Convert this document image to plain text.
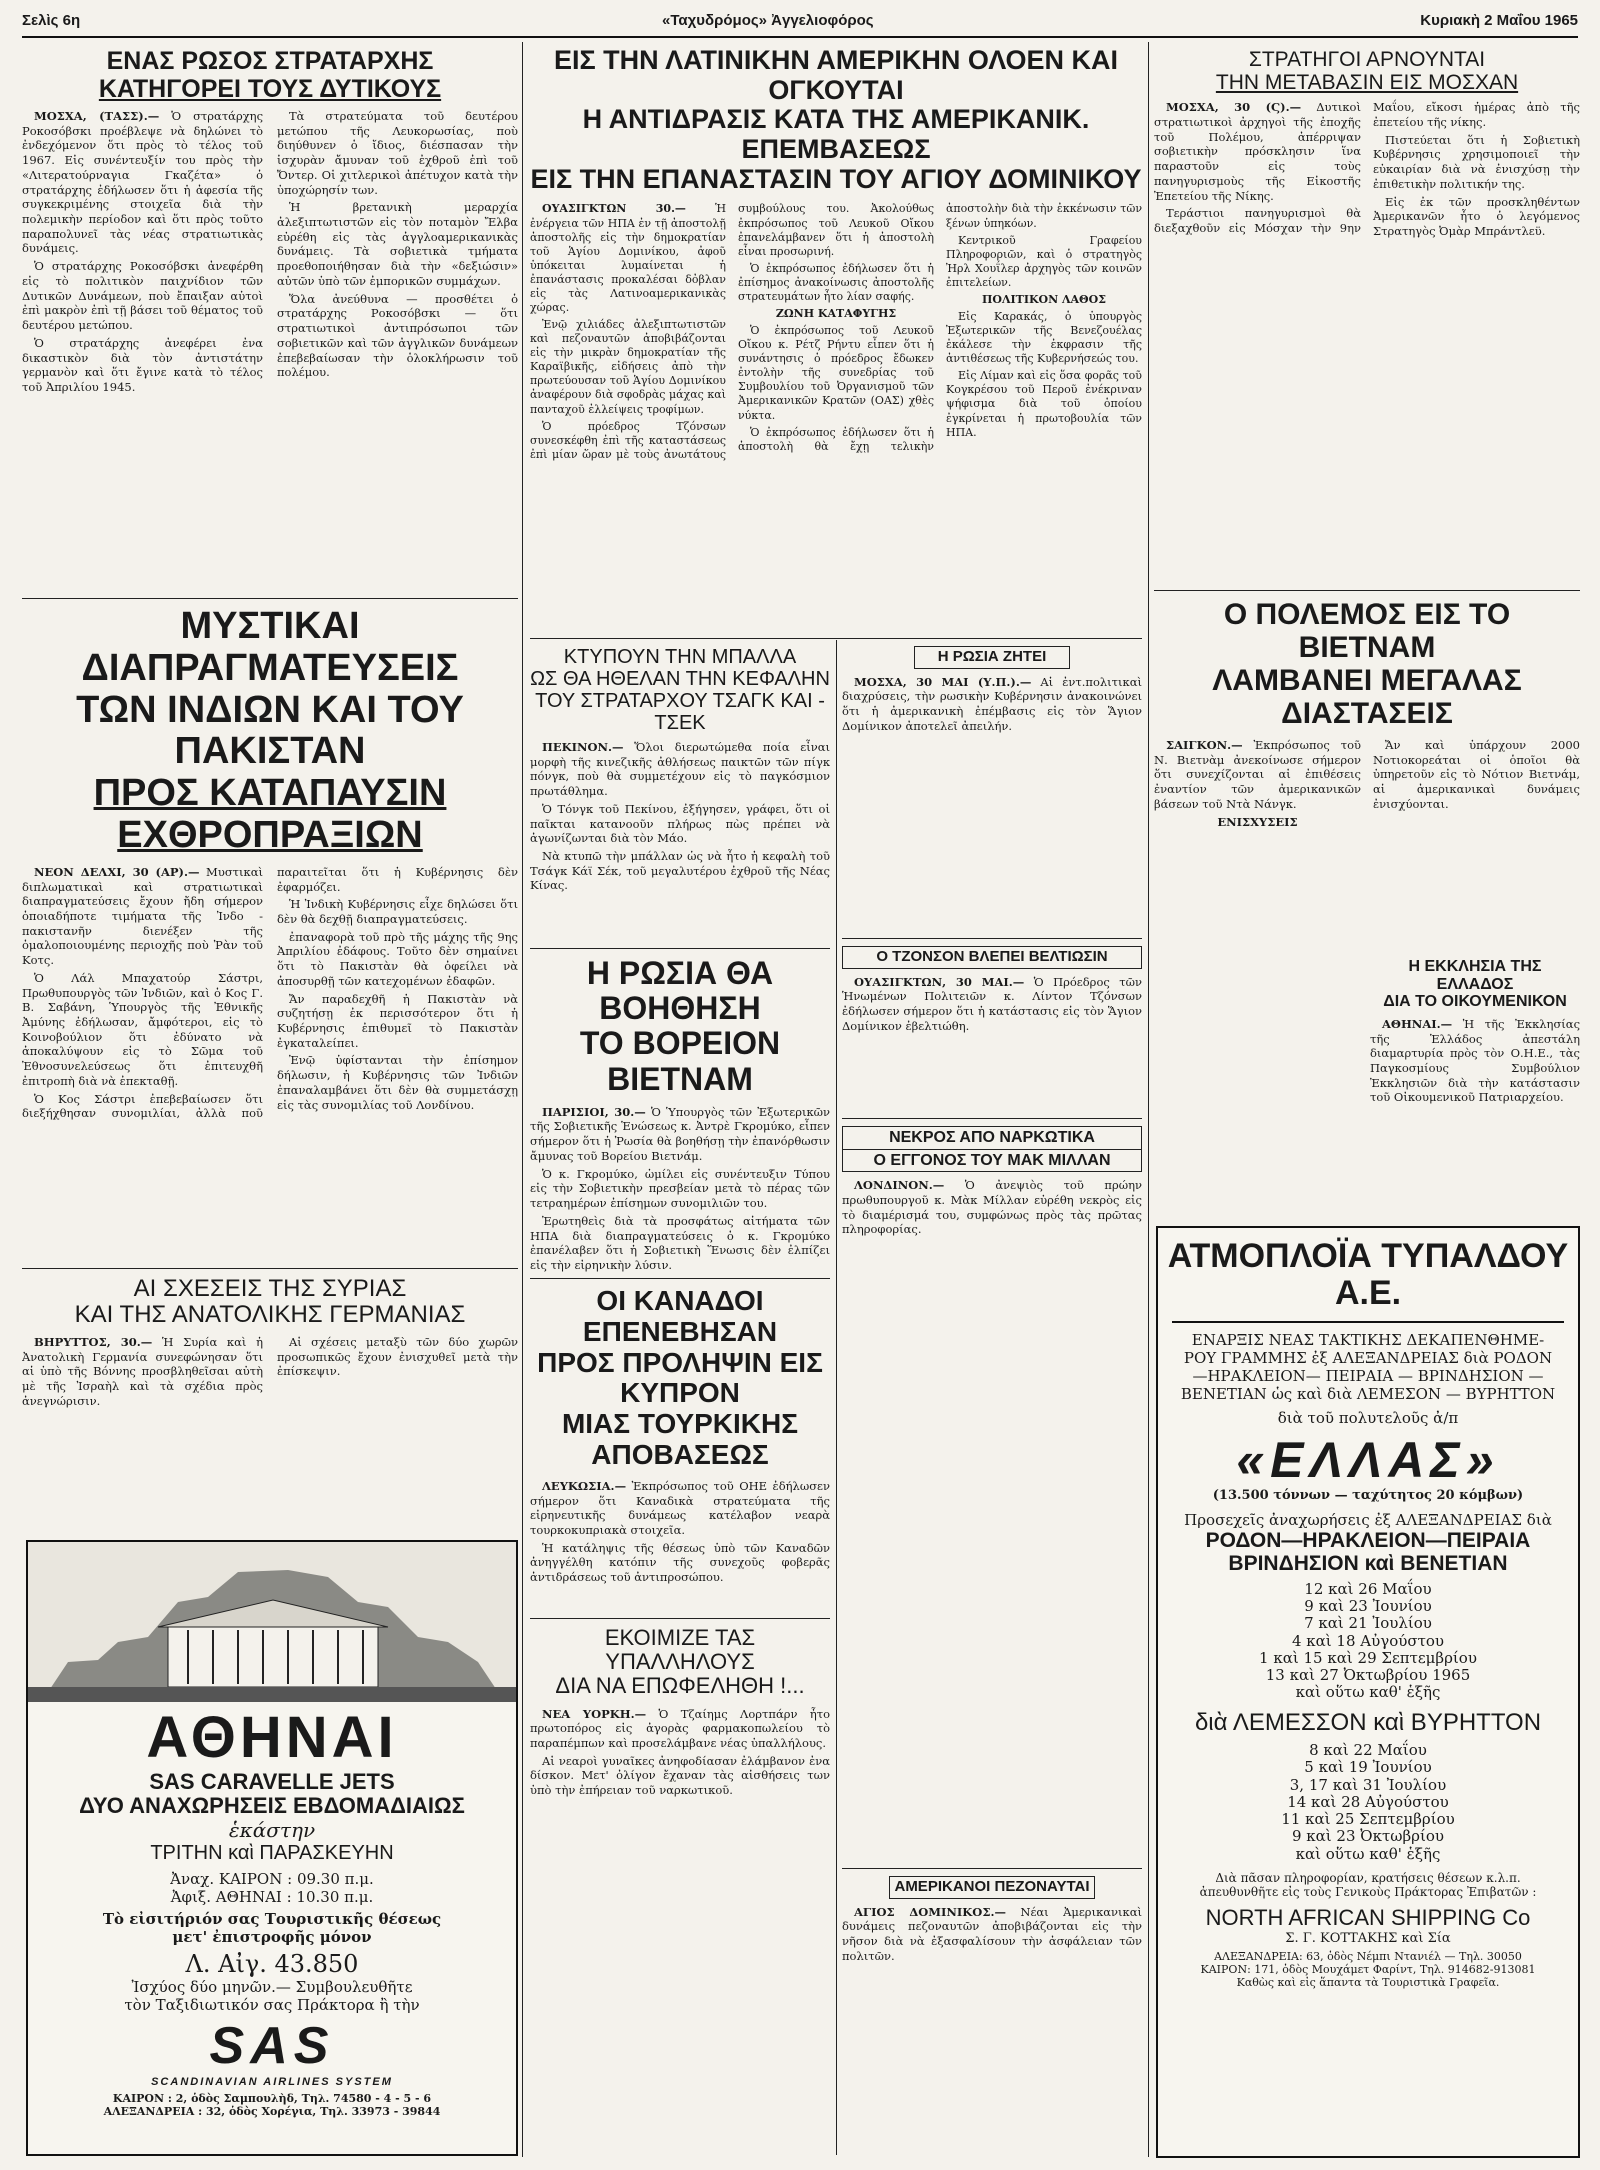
Σελὶς 6η	«Ταχυδρόμος» Ἀγγελιοφόρος	Κυριακὴ 2 Μαΐου 1965
ΕΝΑΣ ΡΩΣΟΣ ΣΤΡΑΤΑΡΧΗΣ
ΚΑΤΗΓΟΡΕΙ ΤΟΥΣ ΔΥΤΙΚΟΥΣ

ΜΟΣΧΑ, (ΤΑΣΣ).— Ὁ στρατάρχης Ροκοσόβσκι προέβλεψε νὰ δηλώνει τὸ ἐνδεχόμενον ὅτι πρὸς τὸ τέλος τοῦ 1967. Εἰς συνέντευξίν του πρὸς τὴν «Λιτερατούρναγια Γκαζέτα» ὁ στρατάρχης ἐδήλωσεν ὅτι ἡ ἀφεσία τῆς συγκεκριμένης στοιχεῖα διὰ τὴν πολεμικὴν περίοδον καὶ ὅτι πρὸς τοῦτο παραπολυνεῖ τὰς νέας στρατιωτικὰς δυνάμεις.

Ὁ στρατάρχης Ροκοσόβσκι ἀνεφέρθη εἰς τὸ πολιτικὸν παιχνίδιον τῶν Δυτικῶν Δυνάμεων, ποὺ ἔπαιξαν αὐτοὶ ἐπὶ μακρὸν ἐπὶ τῇ βάσει τοῦ θέματος τοῦ δευτέρου μετώπου.

Ὁ στρατάρχης ἀνεφέρει ἐνα δικαστικὸν διὰ τὸν ἀντιστάτην γερμανὸν καὶ ὅτι ἔγινε κατὰ τὸ τέλος τοῦ Ἀπριλίου 1945.

Τὰ στρατεύματα τοῦ δευτέρου μετώπου τῆς Λευκορωσίας, ποὺ διηύθυνεν ὁ ἴδιος, διέσπασαν τὴν ἰσχυρὰν ἄμυναν τοῦ ἐχθροῦ ἐπὶ τοῦ Ὄντερ. Οἱ χιτλερικοὶ ἀπέτυχον κατὰ τὴν ὑποχώρησίν των.

Ἡ βρετανικὴ μεραρχία ἀλεξιπτωτιστῶν εἰς τὸν ποταμὸν Ἔλβα εὐρέθη εἰς τὰς ἀγγλοαμερικανικὰς δυνάμεις. Τὰ σοβιετικὰ τμήματα προεθοποιήθησαν διὰ τὴν «δεξιώσιν» αὐτῶν ὑπὸ τῶν ἐμπορικῶν συμμάχων.

Ὅλα ἀνεύθυνα — προσθέτει ὁ στρατάρχης Ροκοσόβσκι — ὅτι στρατιωτικοὶ ἀντιπρόσωποι τῶν σοβιετικῶν καὶ τῶν ἀγγλικῶν δυνάμεων ἐπεβεβαίωσαν τὴν ὁλοκλήρωσιν τοῦ πολέμου.

ΜΥΣΤΙΚΑΙ ΔΙΑΠΡΑΓΜΑΤΕΥΣΕΙΣ
ΤΩΝ ΙΝΔΙΩΝ ΚΑΙ ΤΟΥ ΠΑΚΙΣΤΑΝ
ΠΡΟΣ ΚΑΤΑΠΑΥΣΙΝ ΕΧΘΡΟΠΡΑΞΙΩΝ

ΝΕΟΝ ΔΕΛΧΙ, 30 (ΑΡ).— Μυστικαὶ διπλωματικαὶ καὶ στρατιωτικαὶ διαπραγματεύσεις ἔχουν ἤδη σήμερον ὁποιαδήποτε τιμήματα τῆς Ἰνδο - πακιστανῆν διενέξεν τῆς ὁμαλοποιουμένης περιοχῆς ποὺ Ῥὰν τοῦ Κοτς.

Ὁ Λάλ Μπαχατούρ Σάστρι, Πρωθυπουργὸς τῶν Ἰνδιῶν, καὶ ὁ Κος Γ. Β. Σαβάνη, Ὑπουργὸς τῆς Ἐθνικῆς Ἀμύνης ἐδήλωσαν, ἄμφότεροι, εἰς τὸ Κοινοβούλιον ὅτι ἐδύνατο νὰ ἀποκαλύψουν εἰς τὸ Σῶμα τοῦ Ἐθνοσυνελεύσεως ὅτι ἐπιτευχθῆ ἐπιτροπὴ διὰ νὰ ἐπεκταθῇ.

Ὁ Κος Σάστρι ἐπεβεβαίωσεν ὅτι διεξήχθησαν συνομιλίαι, ἀλλὰ ποῦ παραιτεῖται ὅτι ἡ Κυβέρνησις δὲν ἐφαρμόζει.

Ἡ Ἰνδικὴ Κυβέρνησις εἶχε δηλώσει ὅτι δὲν θὰ δεχθῇ διαπραγματεύσεις.

ἐπαναφορὰ τοῦ πρὸ τῆς μάχης τῆς 9ης Ἀπριλίου ἐδάφους. Τοῦτο δὲν σημαίνει ὅτι τὸ Πακιστὰν θὰ ὀφείλει νὰ ἀποσυρθῇ τῶν κατεχομένων ἐδαφῶν.

Ἄν παραδεχθῆ ἡ Πακιστὰν νὰ συζητήσῃ ἐκ περισσότερον ὅτι ἡ Κυβέρνησις ἐπιθυμεῖ τὸ Πακιστὰν ἐγκαταλείπει.

Ἐνῷ ὑφίστανται τὴν ἐπίσημον δήλωσιν, ἡ Κυβέρνησις τῶν Ἰνδιῶν ἐπαναλαμβάνει ὅτι δὲν θὰ συμμετάσχῃ εἰς τὰς συνομιλίας τοῦ Λονδίνου.

ΑΙ ΣΧΕΣΕΙΣ ΤΗΣ ΣΥΡΙΑΣ
ΚΑΙ ΤΗΣ ΑΝΑΤΟΛΙΚΗΣ ΓΕΡΜΑΝΙΑΣ

ΒΗΡΥΤΤΟΣ, 30.— Ἡ Συρία καὶ ἡ Ἀνατολικὴ Γερμανία συνεφώνησαν ὅτι αἱ ὑπὸ τῆς Βόννης προσβληθεῖσαι αὐτὴ μὲ τῆς Ἰσραὴλ καὶ τὰ σχέδια πρὸς ἀνεγνώρισιν.

Αἱ σχέσεις μεταξὺ τῶν δύο χωρῶν προσωπικῶς ἔχουν ἐνισχυθεῖ μετὰ τὴν ἐπίσκεψιν.

ΑΘΗΝΑΙ
SAS CARAVELLE JETS
ΔΥΟ ΑΝΑΧΩΡΗΣΕΙΣ ΕΒΔΟΜΑΔΙΑΙΩΣ
ἑκάστην
ΤΡΙΤΗΝ καὶ ΠΑΡΑΣΚΕΥΗΝ
Ἀναχ. ΚΑΙΡΟΝ : 09.30 π.μ.
Ἀφιξ. ΑΘΗΝΑΙ : 10.30 π.μ.
Τὸ εἰσιτήριόν σας Τουριστικῆς θέσεως
μετ' ἐπιστροφῆς μόνον
Λ. Αἰγ. 43.850
Ἰσχύος δύο μηνῶν.— Συμβουλευθῆτε
τὸν Ταξιδιωτικόν σας Πράκτορα ἢ τὴν
SAS
SCANDINAVIAN AIRLINES SYSTEM
ΚΑΙΡΟΝ : 2, ὁδὸς Σαμπουλὴδ, Τηλ. 74580 - 4 - 5 - 6
ΑΛΕΞΑΝΔΡΕΙΑ : 32, ὁδὸς Χορέγια, Τηλ. 33973 - 39844
ΕΙΣ ΤΗΝ ΛΑΤΙΝΙΚΗΝ ΑΜΕΡΙΚΗΝ ΟΛΟΕΝ ΚΑΙ ΟΓΚΟΥΤΑΙ
Η ΑΝΤΙΔΡΑΣΙΣ ΚΑΤΑ ΤΗΣ ΑΜΕΡΙΚΑΝΙΚ. ΕΠΕΜΒΑΣΕΩΣ
ΕΙΣ ΤΗΝ ΕΠΑΝΑΣΤΑΣΙΝ ΤΟΥ ΑΓΙΟΥ ΔΟΜΙΝΙΚΟΥ

ΟΥΑΣΙΓΚΤΩΝ 30.—	Ἡ ἐνέργεια τῶν ΗΠΑ ἐν τῇ ἀποστολῇ ἀποστολῆς εἰς τὴν δημοκρατίαν τοῦ Ἁγίου Δομινίκου, ἀφοῦ ὑπόκειται λυμαίνεται ἡ ἐπανάστασις προκαλέσαι δὀβλαν εἰς τὰς Λατινοαμερικανικὰς χώρας.

Ἐνῷ χιλιάδες ἀλεξιπτωτιστῶν καὶ πεζοναυτῶν ἀποβιβάζονται εἰς τὴν μικρὰν δημοκρατίαν τῆς Καραϊβικῆς, εἰδήσεις ἀπὸ τὴν πρωτεύουσαν τοῦ Ἁγίου Δομινίκου ἀναφέρουν διὰ σφοδρὰς μάχας καὶ πανταχοῦ ἐλλείψεις τροφίμων.

Ὁ πρόεδρος Τζόνσων συνεσκέφθη ἐπὶ τῆς καταστάσεως ἐπὶ μίαν ὥραν μὲ τοὺς ἀνωτάτους συμβούλους του. Ἀκολούθως ἐκπρόσωπος τοῦ Λευκοῦ Οἴκου ἐπανελάμβανεν ὅτι ἡ ἀποστολὴ εἶναι προσωρινή.

Ὁ ἐκπρόσωπος ἐδήλωσεν ὅτι ἡ ἐπίσημος ἀνακοίνωσις ἀποστολῆς στρατευμάτων ἦτο λίαν σαφής.

ΖΩΝΗ ΚΑΤΑΦΥΓΗΣ

Ὁ ἐκπρόσωπος τοῦ Λευκοῦ Οἴκου κ. Ρέτζ Ρήντυ εἶπεν ὅτι ἡ συνάντησις ὁ πρόεδρος ἔδωκεν ἐντολὴν τῆς συνεδρίας τοῦ Συμβουλίου τοῦ Ὀργανισμοῦ τῶν Ἀμερικανικῶν Κρατῶν (ΟΑΣ) χθὲς νύκτα.

Ὁ ἐκπρόσωπος ἐδήλωσεν ὅτι ἡ ἀποστολὴ θὰ ἔχῃ τελικὴν ἀποστολὴν διὰ τὴν ἐκκένωσιν τῶν ξένων ὑπηκόων.

Κεντρικοῦ Γραφείου Πληροφοριῶν, καὶ ὁ στρατηγὸς Ἠρλ Χουΐλερ ἀρχηγὸς τῶν κοινῶν ἐπιτελείων.

ΠΟΛΙΤΙΚΟΝ ΛΑΘΟΣ

Εἰς Καρακάς, ὁ ὑπουργὸς Ἐξωτερικῶν τῆς Βενεζουέλας ἐκάλεσε τὴν ἐκφρασιν τῆς ἀντιθέσεως τῆς Κυβερνήσεώς του.

Εἰς Λίμαν καὶ εἰς ὅσα φορᾶς τοῦ Κογκρέσου τοῦ Περοῦ ἐνέκριναν ψήφισμα διὰ τοῦ ὁποίου ἐγκρίνεται ἡ πρωτοβουλία τῶν ΗΠΑ.

ΚΤΥΠΟΥΝ ΤΗΝ ΜΠΑΛΛΑ
ΩΣ ΘΑ ΗΘΕΛΑΝ ΤΗΝ ΚΕΦΑΛΗΝ
ΤΟΥ ΣΤΡΑΤΑΡΧΟΥ ΤΣΑΓΚ ΚΑΙ - ΤΣΕΚ

ΠΕΚΙΝΟΝ.— Ὅλοι διερωτώμεθα ποία εἶναι μορφὴ τῆς κινεζικῆς ἀθλήσεως παικτῶν τῶν πίγκ πόνγκ, ποὺ θὰ συμμετέχουν εἰς τὸ παγκόσμιον πρωτάθλημα.

Ὁ Τόνγκ τοῦ Πεκίνου, ἐξήγησεν, γράφει, ὅτι οἱ παῖκται κατανοοῦν πλήρως πὼς πρέπει νὰ ἀγωνίζωνται διὰ τὸν Μάο.

Νὰ κτυπῶ τὴν μπάλλαν ὡς νὰ ἦτο ἡ κεφαλὴ τοῦ Τσάγκ Κάϊ Σέκ, τοῦ μεγαλυτέρου ἐχθροῦ τῆς Νέας Κίνας.

Η ΡΩΣΙΑ ΘΑ ΒΟΗΘΗΣΗ
ΤΟ ΒΟΡΕΙΟΝ ΒΙΕΤΝΑΜ

ΠΑΡΙΣΙΟΙ, 30.— Ὁ Ὑπουργὸς τῶν Ἐξωτερικῶν τῆς Σοβιετικῆς Ἑνώσεως κ. Ἀντρὲ Γκρομύκο, εἶπεν σήμερον ὅτι ἡ Ῥωσία θὰ βοηθήσῃ τὴν ἐπανόρθωσιν ἄμυνας τοῦ Βορείου Βιετνάμ.

Ὁ κ. Γκρομύκο, ὡμίλει εἰς συνέντευξιν Τύπου εἰς τὴν Σοβιετικὴν πρεσβείαν μετὰ τὸ πέρας τῶν τετραημέρων ἐπίσημων συνομιλιῶν του.

Ἐρωτηθεὶς διὰ τὰ προσφάτως αἰτήματα τῶν ΗΠΑ διὰ διαπραγματεύσεις ὁ κ. Γκρομύκο ἐπανέλαβεν ὅτι ἡ Σοβιετικὴ Ἕνωσις δὲν ἐλπίζει εἰς τὴν εἰρηνικὴν λύσιν.

ΟΙ ΚΑΝΑΔΟΙ ΕΠΕΝΕΒΗΣΑΝ
ΠΡΟΣ ΠΡΟΛΗΨΙΝ ΕΙΣ ΚΥΠΡΟΝ
ΜΙΑΣ ΤΟΥΡΚΙΚΗΣ ΑΠΟΒΑΣΕΩΣ

ΛΕΥΚΩΣΙΑ.— Ἐκπρόσωπος τοῦ ΟΗΕ ἐδήλωσεν σήμερον ὅτι Καναδικὰ στρατεύματα τῆς εἰρηνευτικῆς δυνάμεως κατέλαβον νεαρὰ τουρκοκυπριακὰ στοιχεῖα.

Ἡ κατάληψις τῆς θέσεως ὑπὸ τῶν Καναδῶν ἀνηγγέλθη κατόπιν τῆς συνεχοῦς φοβερᾶς ἀντιδράσεως τοῦ ἀντιπροσώπου.

ΕΚΟΙΜΙΖΕ ΤΑΣ ΥΠΑΛΛΗΛΟΥΣ
ΔΙΑ ΝΑ ΕΠΩΦΕΛΗΘΗ !...

ΝΕΑ ΥΟΡΚΗ.— Ὁ Τζαίημς Λορτπάρν ἦτο πρωτοπόρος εἰς ἀγορὰς φαρμακοπωλείου τὸ παραπέμπων καὶ προσελάμβανε νέας ὑπαλλήλους.

Αἱ νεαροὶ γυναῖκες ἀνηφοδίασαν ἐλάμβανον ἐνα δίσκον. Μετ' ὀλίγον ἔχαναν τὰς αἰσθήσεις των ὑπὸ τὴν ἐπήρειαν τοῦ ναρκωτικοῦ.

Η ΡΩΣΙΑ ΖΗΤΕΙ

ΜΟΣΧΑ, 30 ΜΑΙ (Υ.Π.).— Αἱ ἐντ.πολιτικαὶ διαχρύσεις, τὴν ρωσικὴν Κυβέρνησιν ἀνακοινώνει ὅτι ἡ ἀμερικανικὴ ἐπέμβασις εἰς τὸν Ἅγιον Δομίνικον ἀποτελεῖ ἀπειλήν.

Ο ΤΖΟΝΣΟΝ ΒΛΕΠΕΙ ΒΕΛΤΙΩΣΙΝ

ΟΥΑΣΙΓΚΤΩΝ, 30 ΜΑΙ.— Ὁ Πρόεδρος τῶν Ἡνωμένων Πολιτειῶν κ. Λίντον Τζόνσων ἐδήλωσεν σήμερον ὅτι ἡ κατάστασις εἰς τὸν Ἅγιον Δομίνικον ἐβελτιώθη.

ΝΕΚΡΟΣ ΑΠΟ ΝΑΡΚΩΤΙΚΑ
Ο ΕΓΓΟΝΟΣ ΤΟΥ ΜΑΚ ΜΙΛΛΑΝ

ΛΟΝΔΙΝΟΝ.— Ὁ ἀνεψιὸς τοῦ πρώην πρωθυπουργοῦ κ. Μὰκ Μίλλαν εὑρέθη νεκρὸς εἰς τὸ διαμέρισμά του, συμφώνως πρὸς τὰς πρῶτας πληροφορίας.

ΑΜΕΡΙΚΑΝΟΙ ΠΕΖΟΝΑΥΤΑΙ

ΑΓΙΟΣ ΔΟΜΙΝΙΚΟΣ.— Νέαι Ἀμερικανικαὶ δυνάμεις πεζοναυτῶν ἀποβιβάζονται εἰς τὴν νῆσον διὰ νὰ ἐξασφαλίσουν τὴν ἀσφάλειαν τῶν πολιτῶν.

ΣΤΡΑΤΗΓΟΙ ΑΡΝΟΥΝΤΑΙ
ΤΗΝ ΜΕΤΑΒΑΣΙΝ ΕΙΣ ΜΟΣΧΑΝ

ΜΟΣΧΑ, 30 (Ϛ).— Δυτικοὶ στρατιωτικοὶ ἀρχηγοὶ τῆς ἐποχῆς τοῦ Πολέμου, ἀπέρριψαν σοβιετικὴν πρόσκλησιν ἵνα παραστοῦν εἰς τοὺς πανηγυρισμοὺς τῆς Εἰκοστῆς Ἐπετείου τῆς Νίκης.

Τεράστιοι πανηγυρισμοὶ θὰ διεξαχθοῦν εἰς Μόσχαν τὴν 9ην Μαΐου, εἴκοσι ἡμέρας ἀπὸ τῆς ἐπετείου τῆς νίκης.

Πιστεύεται ὅτι ἡ Σοβιετικὴ Κυβέρνησις χρησιμοποιεῖ τὴν εὐκαιρίαν διὰ νὰ ἐνισχύσῃ τὴν ἐπιθετικὴν πολιτικήν της.

Εἰς ἐκ τῶν προσκληθέντων Ἀμερικανῶν ἦτο ὁ λεγόμενος Στρατηγὸς Ὀμὰρ Μπράντλεϋ.

Ο ΠΟΛΕΜΟΣ ΕΙΣ ΤΟ ΒΙΕΤΝΑΜ
ΛΑΜΒΑΝΕΙ ΜΕΓΑΛΑΣ ΔΙΑΣΤΑΣΕΙΣ

ΣΑΙΓΚΟΝ.— Ἐκπρόσωπος τοῦ Ν. Βιετνὰμ ἀνεκοίνωσε σήμερον ὅτι συνεχίζονται αἱ ἐπιθέσεις ἐναντίον τῶν ἀμερικανικῶν βάσεων τοῦ Ντὰ Νάνγκ.

ΕΝΙΣΧΥΣΕΙΣ

Ἄν καὶ ὑπάρχουν 2000 Νοτιοκορεάται οἱ ὁποῖοι θὰ ὑπηρετοῦν εἰς τὸ Νότιον Βιετνάμ, αἱ ἀμερικανικαὶ δυνάμεις ἐνισχύονται.

Η ΕΚΚΛΗΣΙΑ ΤΗΣ ΕΛΛΑΔΟΣ
ΔΙΑ ΤΟ ΟΙΚΟΥΜΕΝΙΚΟΝ

ΑΘΗΝΑΙ.— Ἡ τῆς Ἐκκλησίας τῆς Ἑλλάδος ἀπεστάλη διαμαρτυρία πρὸς τὸν Ο.Η.Ε., τὰς Παγκοσμίους Συμβούλιον Ἐκκλησιῶν διὰ τὴν κατάστασιν τοῦ Οἰκουμενικοῦ Πατριαρχείου.

ΑΤΜΟΠΛΟΪΑ ΤΥΠΑΛΔΟΥ Α.Ε.
ΕΝΑΡΞΙΣ ΝΕΑΣ ΤΑΚΤΙΚΗΣ ΔΕΚΑΠΕΝΘΗΜΕ-
ΡΟΥ ΓΡΑΜΜΗΣ ἐξ ΑΛΕΞΑΝΔΡΕΙΑΣ διὰ ΡΟΔΟΝ
—ΗΡΑΚΛΕΙΟΝ— ΠΕΙΡΑΙΑ — ΒΡΙΝΔΗΣΙΟΝ —
ΒΕΝΕΤΙΑΝ ὡς καὶ διὰ ΛΕΜΕΣΟΝ — ΒΥΡΗΤΤΟΝ
διὰ τοῦ πολυτελοῦς ἀ/π
«ΕΛΛΑΣ»
(13.500 τόννων — ταχύτητος 20 κόμβων)
Προσεχεῖς ἀναχωρήσεις ἐξ ΑΛΕΞΑΝΔΡΕΙΑΣ διὰ
ΡΟΔΟΝ—ΗΡΑΚΛΕΙΟΝ—ΠΕΙΡΑΙΑ
ΒΡΙΝΔΗΣΙΟΝ καὶ ΒΕΝΕΤΙΑΝ
12 καὶ 26 Μαΐου
9 καὶ 23 Ἰουνίου
7 καὶ 21 Ἰουλίου
4 καὶ 18 Αὐγούστου
1 καὶ 15 καὶ 29 Σεπτεμβρίου
13 καὶ 27 Ὀκτωβρίου 1965
καὶ οὕτω καθ' ἑξῆς
διὰ ΛΕΜΕΣΣΟΝ καὶ ΒΥΡΗΤΤΟΝ
8 καὶ 22 Μαΐου
5 καὶ 19 Ἰουνίου
3, 17 καὶ 31 Ἰουλίου
14 καὶ 28 Αὐγούστου
11 καὶ 25 Σεπτεμβρίου
9 καὶ 23 Ὀκτωβρίου
καὶ οὕτω καθ' ἑξῆς
Διὰ πᾶσαν πληροφορίαν, κρατήσεις θέσεων κ.λ.π.
ἀπευθυνθῆτε εἰς τοὺς Γενικοὺς Πράκτορας Ἐπιβατῶν :
NORTH AFRICAN SHIPPING Co
Σ. Γ. ΚΟΤΤΑΚΗΣ καὶ Σία
ΑΛΕΞΑΝΔΡΕΙΑ: 63, ὁδὸς Νέμπι Ντανιέλ — Τηλ. 30050
ΚΑΙΡΟΝ: 171, ὁδὸς Μουχάμετ Φαρίντ, Τηλ. 914682-913081
Καθὼς καὶ εἰς ἅπαντα τὰ Τουριστικὰ Γραφεῖα.
